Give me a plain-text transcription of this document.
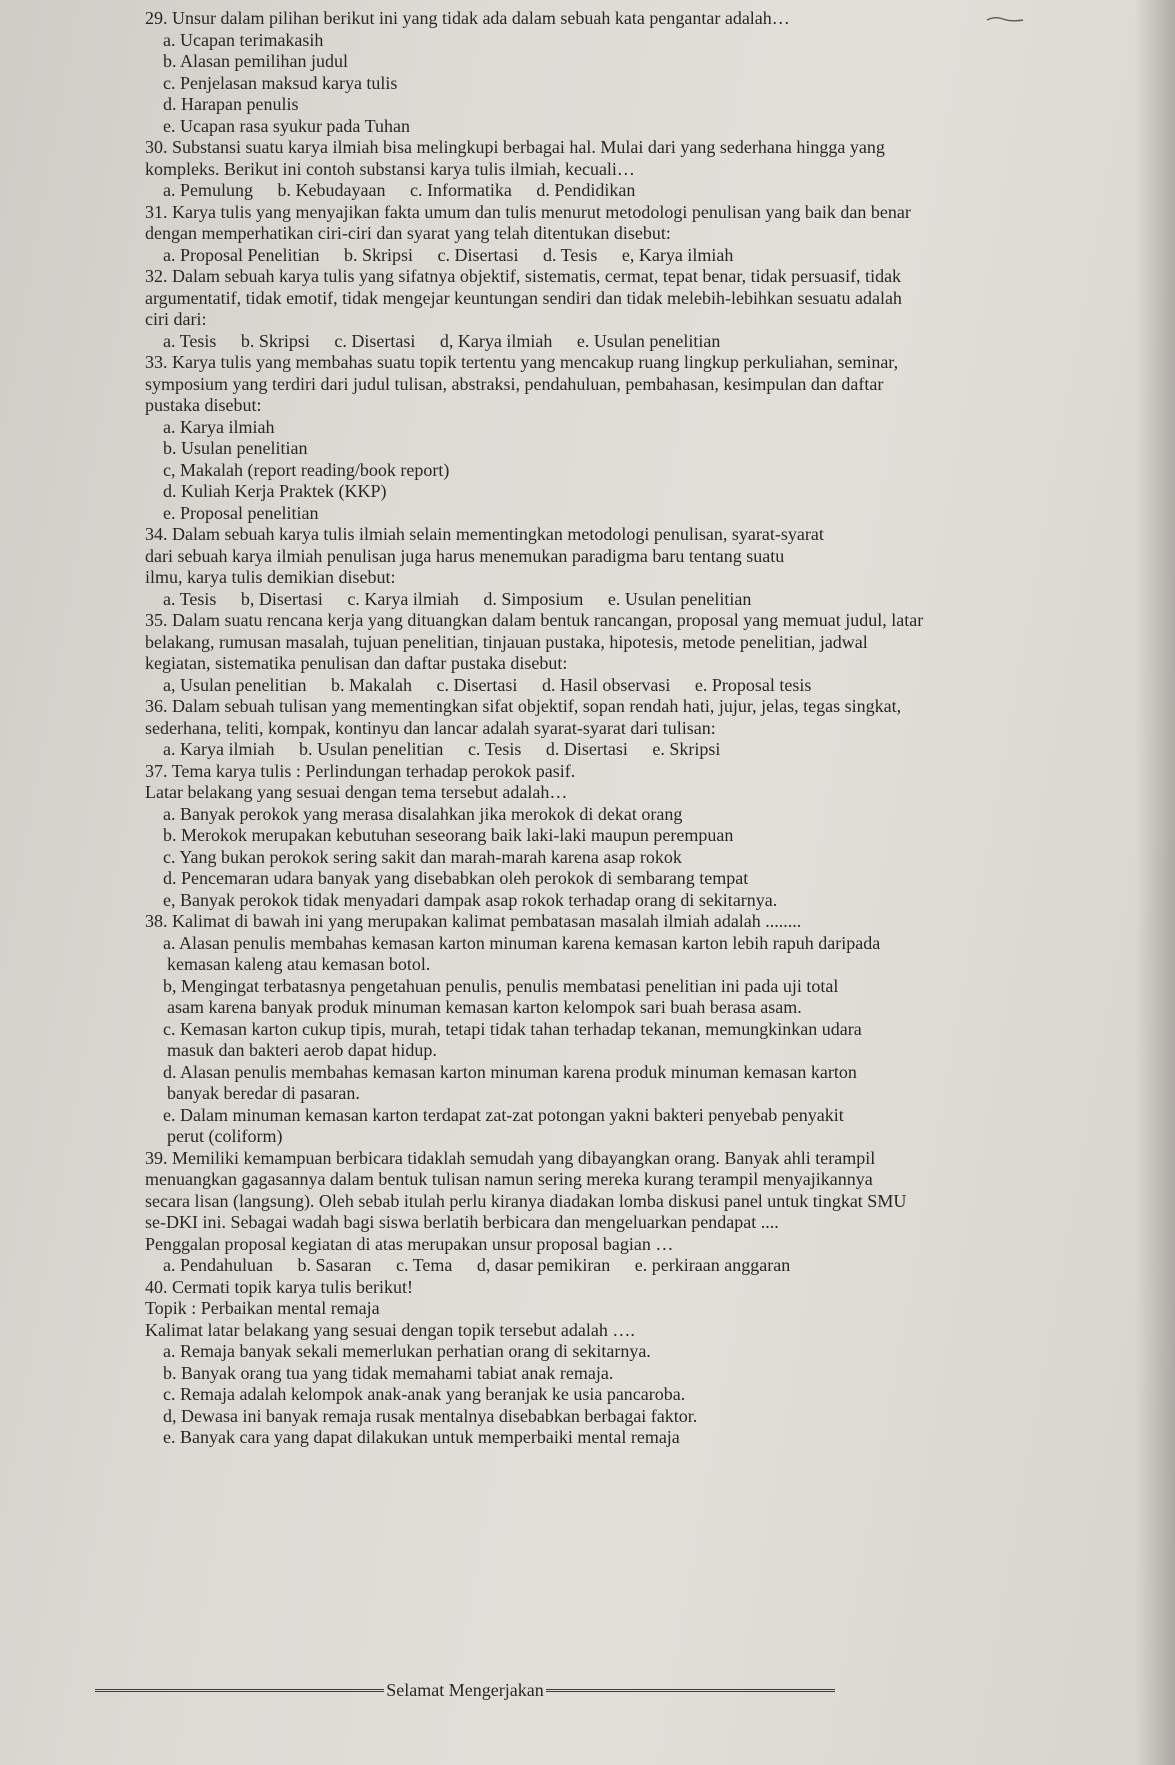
29. Unsur dalam pilihan berikut ini yang tidak ada dalam sebuah kata pengantar adalah…

a. Ucapan terimakasih

b. Alasan pemilihan judul

c. Penjelasan maksud karya tulis

d. Harapan penulis

e. Ucapan rasa syukur pada Tuhan

30. Substansi suatu karya ilmiah bisa melingkupi berbagai hal. Mulai dari yang sederhana hingga yang

kompleks. Berikut ini contoh substansi karya tulis ilmiah, kecuali…

a. Pemulung b. Kebudayaan c. Informatika d. Pendidikan

31. Karya tulis yang menyajikan fakta umum dan tulis menurut metodologi penulisan yang baik dan benar

dengan memperhatikan ciri-ciri dan syarat yang telah ditentukan disebut:

a. Proposal Penelitian b. Skripsi c. Disertasi d. Tesis e, Karya ilmiah

32. Dalam sebuah karya tulis yang sifatnya objektif, sistematis, cermat, tepat benar, tidak persuasif, tidak

argumentatif, tidak emotif, tidak mengejar keuntungan sendiri dan tidak melebih-lebihkan sesuatu adalah

ciri dari:

a. Tesis b. Skripsi c. Disertasi d, Karya ilmiah e. Usulan penelitian

33. Karya tulis yang membahas suatu topik tertentu yang mencakup ruang lingkup perkuliahan, seminar,

symposium yang terdiri dari judul tulisan, abstraksi, pendahuluan, pembahasan, kesimpulan dan daftar

pustaka disebut:

a. Karya ilmiah

b. Usulan penelitian

c, Makalah (report reading/book report)

d. Kuliah Kerja Praktek (KKP)

e. Proposal penelitian

34. Dalam sebuah karya tulis ilmiah selain mementingkan metodologi penulisan, syarat-syarat

dari sebuah karya ilmiah penulisan juga harus menemukan paradigma baru tentang suatu

ilmu, karya tulis demikian disebut:

a. Tesis b, Disertasi c. Karya ilmiah d. Simposium e. Usulan penelitian

35. Dalam suatu rencana kerja yang dituangkan dalam bentuk rancangan, proposal yang memuat judul, latar

belakang, rumusan masalah, tujuan penelitian, tinjauan pustaka, hipotesis, metode penelitian, jadwal

kegiatan, sistematika penulisan dan daftar pustaka disebut:

a, Usulan penelitian b. Makalah c. Disertasi d. Hasil observasi e. Proposal tesis

36. Dalam sebuah tulisan yang mementingkan sifat objektif, sopan rendah hati, jujur, jelas, tegas singkat,

sederhana, teliti, kompak, kontinyu dan lancar adalah syarat-syarat dari tulisan:

a. Karya ilmiah b. Usulan penelitian c. Tesis d. Disertasi e. Skripsi

37. Tema karya tulis : Perlindungan terhadap perokok pasif.

Latar belakang yang sesuai dengan tema tersebut adalah…

a. Banyak perokok yang merasa disalahkan jika merokok di dekat orang

b. Merokok merupakan kebutuhan seseorang baik laki-laki maupun perempuan

c. Yang bukan perokok sering sakit dan marah-marah karena asap rokok

d. Pencemaran udara banyak yang disebabkan oleh perokok di sembarang tempat

e, Banyak perokok tidak menyadari dampak asap rokok terhadap orang di sekitarnya.

38. Kalimat di bawah ini yang merupakan kalimat pembatasan masalah ilmiah adalah ........

a. Alasan penulis membahas kemasan karton minuman karena kemasan karton lebih rapuh daripada

kemasan kaleng atau kemasan botol.

b, Mengingat terbatasnya pengetahuan penulis, penulis membatasi penelitian ini pada uji total

asam karena banyak produk minuman kemasan karton kelompok sari buah berasa asam.

c. Kemasan karton cukup tipis, murah, tetapi tidak tahan terhadap tekanan, memungkinkan udara

masuk dan bakteri aerob dapat hidup.

d. Alasan penulis membahas kemasan karton minuman karena produk minuman kemasan karton

banyak beredar di pasaran.

e. Dalam minuman kemasan karton terdapat zat-zat potongan yakni bakteri penyebab penyakit

perut (coliform)

39. Memiliki kemampuan berbicara tidaklah semudah yang dibayangkan orang. Banyak ahli terampil

menuangkan gagasannya dalam bentuk tulisan namun sering mereka kurang terampil menyajikannya

secara lisan (langsung). Oleh sebab itulah perlu kiranya diadakan lomba diskusi panel untuk tingkat SMU

se-DKI ini. Sebagai wadah bagi siswa berlatih berbicara dan mengeluarkan pendapat ....

Penggalan proposal kegiatan di atas merupakan unsur proposal bagian …

a. Pendahuluan b. Sasaran c. Tema d, dasar pemikiran e. perkiraan anggaran

40. Cermati topik karya tulis berikut!

Topik : Perbaikan mental remaja

Kalimat latar belakang yang sesuai dengan topik tersebut adalah ….

a. Remaja banyak sekali memerlukan perhatian orang di sekitarnya.

b. Banyak orang tua yang tidak memahami tabiat anak remaja.

c. Remaja adalah kelompok anak-anak yang beranjak ke usia pancaroba.

d, Dewasa ini banyak remaja rusak mentalnya disebabkan berbagai faktor.

e. Banyak cara yang dapat dilakukan untuk memperbaiki mental remaja

Selamat Mengerjakan
